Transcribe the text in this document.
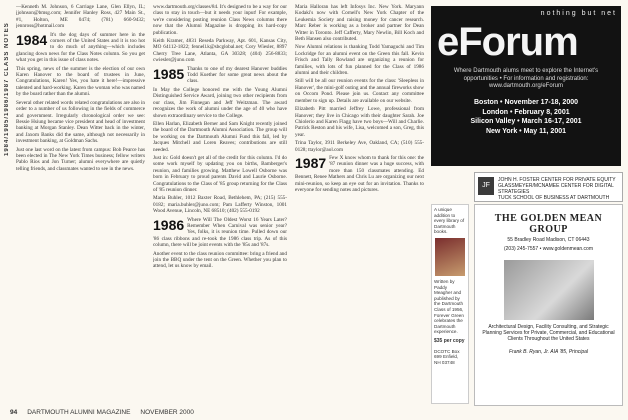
1984/1985/1986/1987 CLASS NOTES

—Kenneth M. Johnson, 6 Carriage Lane, Glen Ellyn, IL; jjohnson@bmsg.com; Jennifer Hanley Ross, 427 Main St., #1, Holton, ME 0474; (781) 660-9432; jennross@hotmail.com

1984 It's the dog days of summer here in the corners of the United States and it is too hot to do much of anything—which includes glancing down news for the Class Notes column. So you get what you get in this issue of class notes.

This spring, news of the summer is the election of our own Karen Hanover to the board of trustees in June, Congratulations, Karen! Yes, you hate it here!—impressive talented and hard-working. Karen the woman who was named by the board rather than the alumni.

Several other related words related congratulations are also in order to a number of us following in the fields of commerce and government. Irregularly chronological order we see: Bessie Hsiung became vice president and head of investment banking at Morgan Stanley. Dean Witter back in the winter, and Jaxom Banks did the same, although not necessarily in investment banking, at Goldman Sachs.

Just one last word on the latest from campus: Bob Pearce has been elected in The New York Times business; fellow writers Pablo Rios and Jon Turner; alumni everywhere are quietly telling friends, and classmates wanted to see in the news.

www.dartmouth.org/classes/84. It's designed to be a way for our class to stay in touch—but it needs your input! For example, we're considering posting reunion Class News columns there now that the Alumni Magazine is dropping its hard-copy publication.

Keith Kramer, 4831 Reseda Parkway, Apt. 601, Kansas City, MO 64112-1822; fennell.k@sbcglobal.net; Cory Wiesler, 8897 Cherry Tree Lane, Atlanta, GA 30328; (404) 256-8833; cwiesler@juno.com

1985 Thanks to one of my dearest Hanover buddies Todd Kuether for some great news about the class.

In May the College honored me with the Young Alumni Distinguished Service Award, joining two other recipients from our class, Jim Finnegan and Jeff Weitzman. The award recognizes the work of alumni under the age of 40 who have shown extraordinary service to the College.

Ellen Harlan, Elizabeth Berner and Sam Knight recently joined the board of the Dartmouth Alumni Association. The group will be working on the Dartmouth Alumni Fund this fall, led by Jacques Mitchell and Loren Reaves; contributions are still needed.

Just in: Gold doesn't get all of the credit for this column. I'd do some work myself by updating you on births, Bamberger's reunion, and families growing. Matthew Lowell Osborne was born in February to proud parents David and Laurie Osborne. Congratulations to the Class of '85 group returning for the Class of '85 reunion dinner.

Maria Buhler, 1012 Baxter Road, Bethlehem, PA; (215) 555-0182; maria.buhler@juno.com; Pam Lafferty Winston, 1001 Wood Avenue, Lincoln, NE 68510; (402) 555-0192

1986 Where Will The Oldest Worst 16 Years Later? Remember When Carnival was senior year? Yes, folks, it is reunion time. Pulled down our '86 class ribbons and re-took the 1986 class trip. As of this column, there will be joint events with the '85s and '87s.

Another event to the class reunion committee: bring a friend and join the BBQ under the tent on the Green. Whether you plan to attend, let us know by email.

Maria Halloran has left Infosys Inc. New York. Maryann Kodaki's now with Cornell's New York Chapter of the Leukemia Society and raising money for cancer research. Marc Reber is working as a broker and partner for Dean Witter in Toronto. Jeff Cafferty, Mary Newlin, Bill Koch and Beth Hansen also contributed.

Now Alumni relations is thanking Todd Yamaguchi and Tim Lockridge for an alumni event on the Green this fall. Kevin Frisch and Tally Rowland are organizing a reunion for families, with lots of fun planned for the Class of 1986 alumni and their children.

Still will be all our reunion events for the class: 'Sleepless in Hanover', the mini-golf outing and the annual fireworks show on Occom Pond. Please join us. Contact any committee member to sign up. Details are available on our website.

Elizabeth Pitt married Jeffrey Lowe, professional from Hanover; they live in Chicago with their daughter Sarah. Joe Chiolerio and Karen Flagg have two boys—Will and Charlie. Patrick Reston and his wife, Lisa, welcomed a son, Greg, this year.

Trina Taylor, 3911 Berkeley Ave, Oakland, CA; (510) 555-0128; ttaylor@aol.com

1987 Few X know whom to thank for this one: the '87 reunion dinner was a huge success, with more than 150 classmates attending. Ed Bennett, Renee Mathers and Chris Lu are organizing our next mini-reunion, so keep an eye out for an invitation. Thanks to everyone for sending notes and pictures.

94 DARTMOUTH ALUMNI MAGAZINE NOVEMBER 2000
nothing but net
eForum
Where Dartmouth alums meet to explore the Internet's opportunities • For information and registration: www.dartmouth.org/eForum
Boston • November 17-18, 2000
London • February 8, 2001
Silicon Valley • March 16-17, 2001
New York • May 11, 2001
JF
JOHN H. FOSTER CENTER FOR PRIVATE EQUITY
GLASSMEYER/MCNAMEE CENTER FOR DIGITAL STRATEGIES
TUCK SCHOOL OF BUSINESS AT DARTMOUTH
A unique addition to every library of Dartmouth books.
Written by Paddy Meagher and published by the Dartmouth Class of 1956, Forever Green celebrates the Dartmouth experience.
$35 per copy
DCOTC Box 699 Enfield, NH 03748
THE GOLDEN MEAN GROUP
55 Bradley Road Madison, CT 06443
(203) 245-7557 • www.goldenmean.com
Architectural Design, Facility Consulting, and Strategic Planning Services for Private, Commercial, and Educational Clients Throughout the United States
Frank B. Ryan, Jr. AIA '85, Principal
